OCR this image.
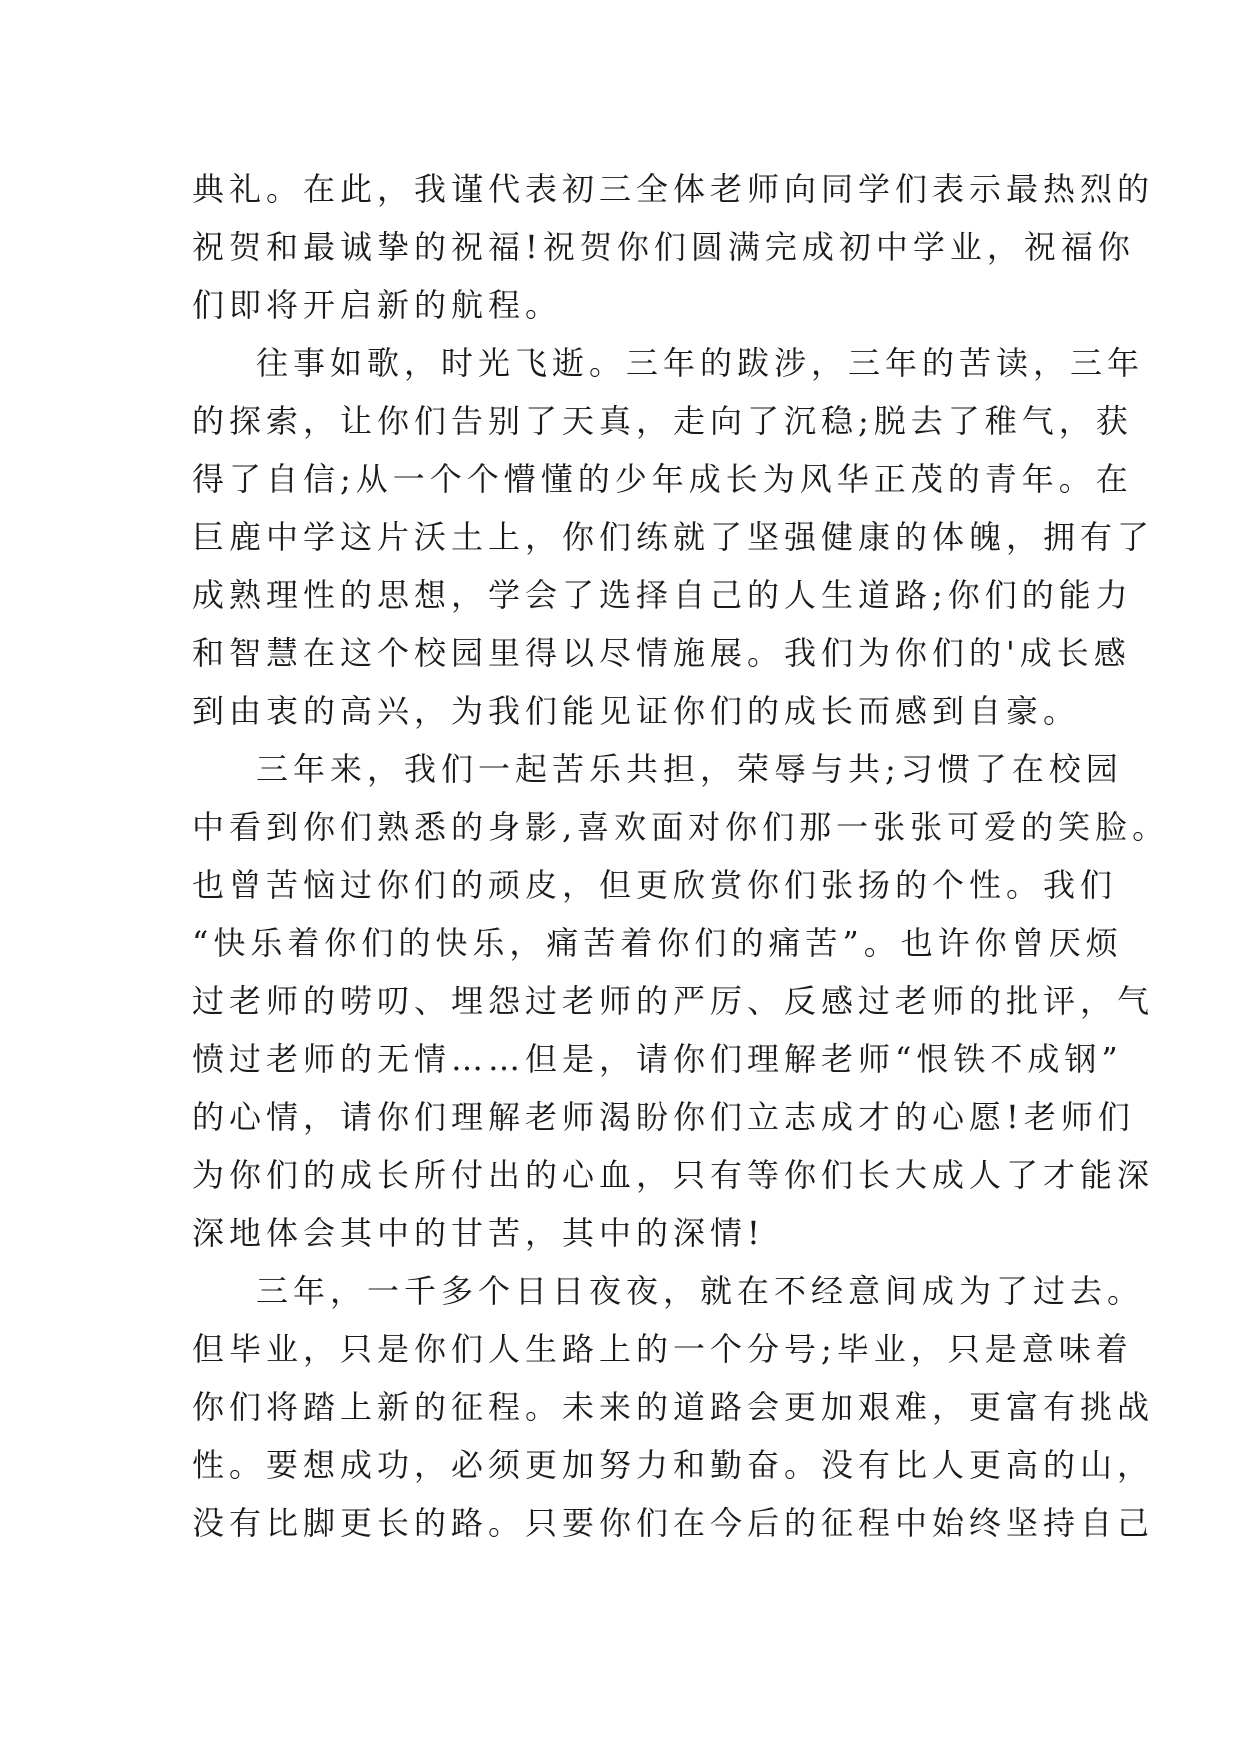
典礼。在此，我谨代表初三全体老师向同学们表示最热烈的
祝贺和最诚挚的祝福!祝贺你们圆满完成初中学业，祝福你
们即将开启新的航程。
往事如歌，时光飞逝。三年的跋涉，三年的苦读，三年
的探索，让你们告别了天真，走向了沉稳;脱去了稚气，获
得了自信;从一个个懵懂的少年成长为风华正茂的青年。在
巨鹿中学这片沃土上，你们练就了坚强健康的体魄，拥有了
成熟理性的思想，学会了选择自己的人生道路;你们的能力
和智慧在这个校园里得以尽情施展。我们为你们的'成长感
到由衷的高兴，为我们能见证你们的成长而感到自豪。
三年来，我们一起苦乐共担，荣辱与共;习惯了在校园
中看到你们熟悉的身影,喜欢面对你们那一张张可爱的笑脸。
也曾苦恼过你们的顽皮，但更欣赏你们张扬的个性。我们
“快乐着你们的快乐，痛苦着你们的痛苦”。也许你曾厌烦
过老师的唠叨、埋怨过老师的严厉、反感过老师的批评，气
愤过老师的无情……但是，请你们理解老师“恨铁不成钢”
的心情，请你们理解老师渴盼你们立志成才的心愿!老师们
为你们的成长所付出的心血，只有等你们长大成人了才能深
深地体会其中的甘苦，其中的深情!
三年，一千多个日日夜夜，就在不经意间成为了过去。
但毕业，只是你们人生路上的一个分号;毕业，只是意味着
你们将踏上新的征程。未来的道路会更加艰难，更富有挑战
性。要想成功，必须更加努力和勤奋。没有比人更高的山，
没有比脚更长的路。只要你们在今后的征程中始终坚持自己
